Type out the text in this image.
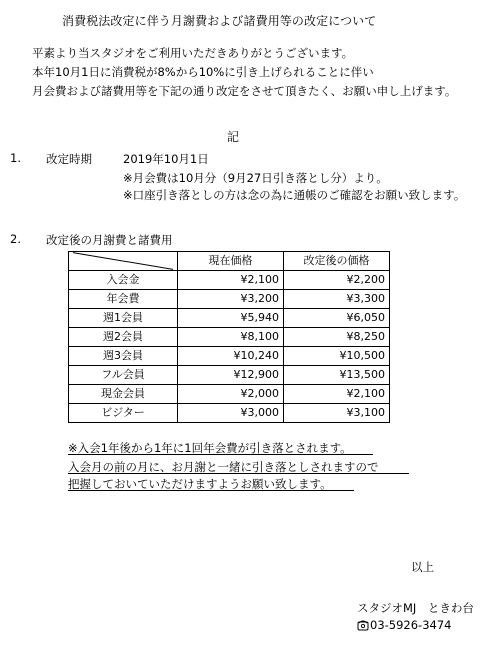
消費税法改定に伴う月謝費および諸費用等の改定について
平素より当スタジオをご利用いただきありがとうございます。
本年10月1日に消費税が8%から10%に引き上げられることに伴い
月会費および諸費用等を下記の通り改定をさせて頂きたく、お願い申し上げます。
記
1. 改定時期	2019年10月1日
※月会費は10月分（9月27日引き落とし分）より。
※口座引き落としの方は念の為に通帳のご確認をお願い致します。
2. 改定後の月謝費と諸費用
	現在価格	改定後の価格
入会金	¥2,100	¥2,200
年会費	¥3,200	¥3,300
週1会員	¥5,940	¥6,050
週2会員	¥8,100	¥8,250
週3会員	¥10,240	¥10,500
フル会員	¥12,900	¥13,500
現金会員	¥2,000	¥2,100
ビジター	¥3,000	¥3,100
※入会1年後から1年に1回年会費が引き落とされます。
入会月の前の月に、お月謝と一緒に引き落としされますので
把握しておいていただけますようお願い致します。
以上
スタジオMJ　ときわ台
03-5926-3474
